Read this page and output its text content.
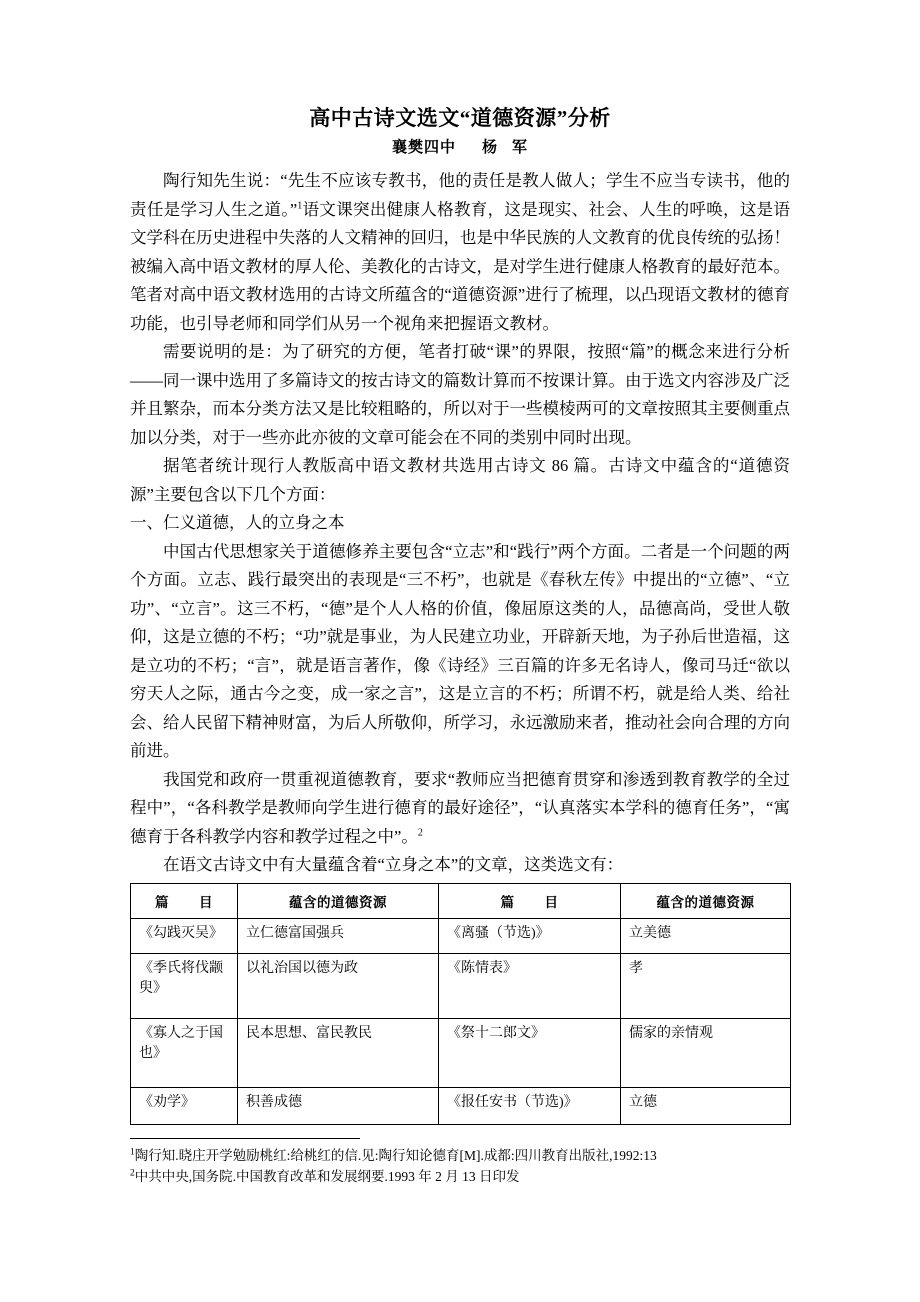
高中古诗文选文“道德资源”分析
襄樊四中 杨 军

陶行知先生说：“先生不应该专教书，他的责任是教人做人；学生不应当专读书，他的责任是学习人生之道。”$^1$语文课突出健康人格教育，这是现实、社会、人生的呼唤，这是语文学科在历史进程中失落的人文精神的回归，也是中华民族的人文教育的优良传统的弘扬！被编入高中语文教材的厚人伦、美教化的古诗文，是对学生进行健康人格教育的最好范本。笔者对高中语文教材选用的古诗文所蕴含的“道德资源”进行了梳理，以凸现语文教材的德育功能，也引导老师和同学们从另一个视角来把握语文教材。

需要说明的是：为了研究的方便，笔者打破“课”的界限，按照“篇”的概念来进行分析——同一课中选用了多篇诗文的按古诗文的篇数计算而不按课计算。由于选文内容涉及广泛并且繁杂，而本分类方法又是比较粗略的，所以对于一些模棱两可的文章按照其主要侧重点加以分类，对于一些亦此亦彼的文章可能会在不同的类别中同时出现。

据笔者统计现行人教版高中语文教材共选用古诗文 86 篇。古诗文中蕴含的“道德资源”主要包含以下几个方面：

一、仁义道德，人的立身之本

中国古代思想家关于道德修养主要包含“立志”和“践行”两个方面。二者是一个问题的两个方面。立志、践行最突出的表现是“三不朽”，也就是《春秋左传》中提出的“立德”、“立功”、“立言”。这三不朽，“德”是个人人格的价值，像屈原这类的人，品德高尚，受世人敬仰，这是立德的不朽；“功”就是事业，为人民建立功业，开辟新天地，为子孙后世造福，这是立功的不朽；“言”，就是语言著作，像《诗经》三百篇的许多无名诗人，像司马迁“欲以穷天人之际，通古今之变，成一家之言”，这是立言的不朽；所谓不朽，就是给人类、给社会、给人民留下精神财富，为后人所敬仰，所学习，永远激励来者，推动社会向合理的方向前进。

我国党和政府一贯重视道德教育，要求“教师应当把德育贯穿和渗透到教育教学的全过程中”，“各科教学是教师向学生进行德育的最好途径”，“认真落实本学科的德育任务”，“寓德育于各科教学内容和教学过程之中”。$^2$

在语文古诗文中有大量蕴含着“立身之本”的文章，这类选文有：

篇 目	蕴含的道德资源	篇 目	蕴含的道德资源
《勾践灭吴》	立仁德富国强兵	《离骚（节选)》	立美德
《季氏将伐颛臾》	以礼治国以德为政	《陈情表》	孝
《寡人之于国也》	民本思想、富民教民	《祭十二郎文》	儒家的亲情观
《劝学》	积善成德	《报任安书（节选)》	立德

$^1$陶行知.晓庄开学勉励桃红:给桃红的信.见:陶行知论德育[M].成都:四川教育出版社,1992:13

$^2$中共中央,国务院.中国教育改革和发展纲要.1993 年 2 月 13 日印发
